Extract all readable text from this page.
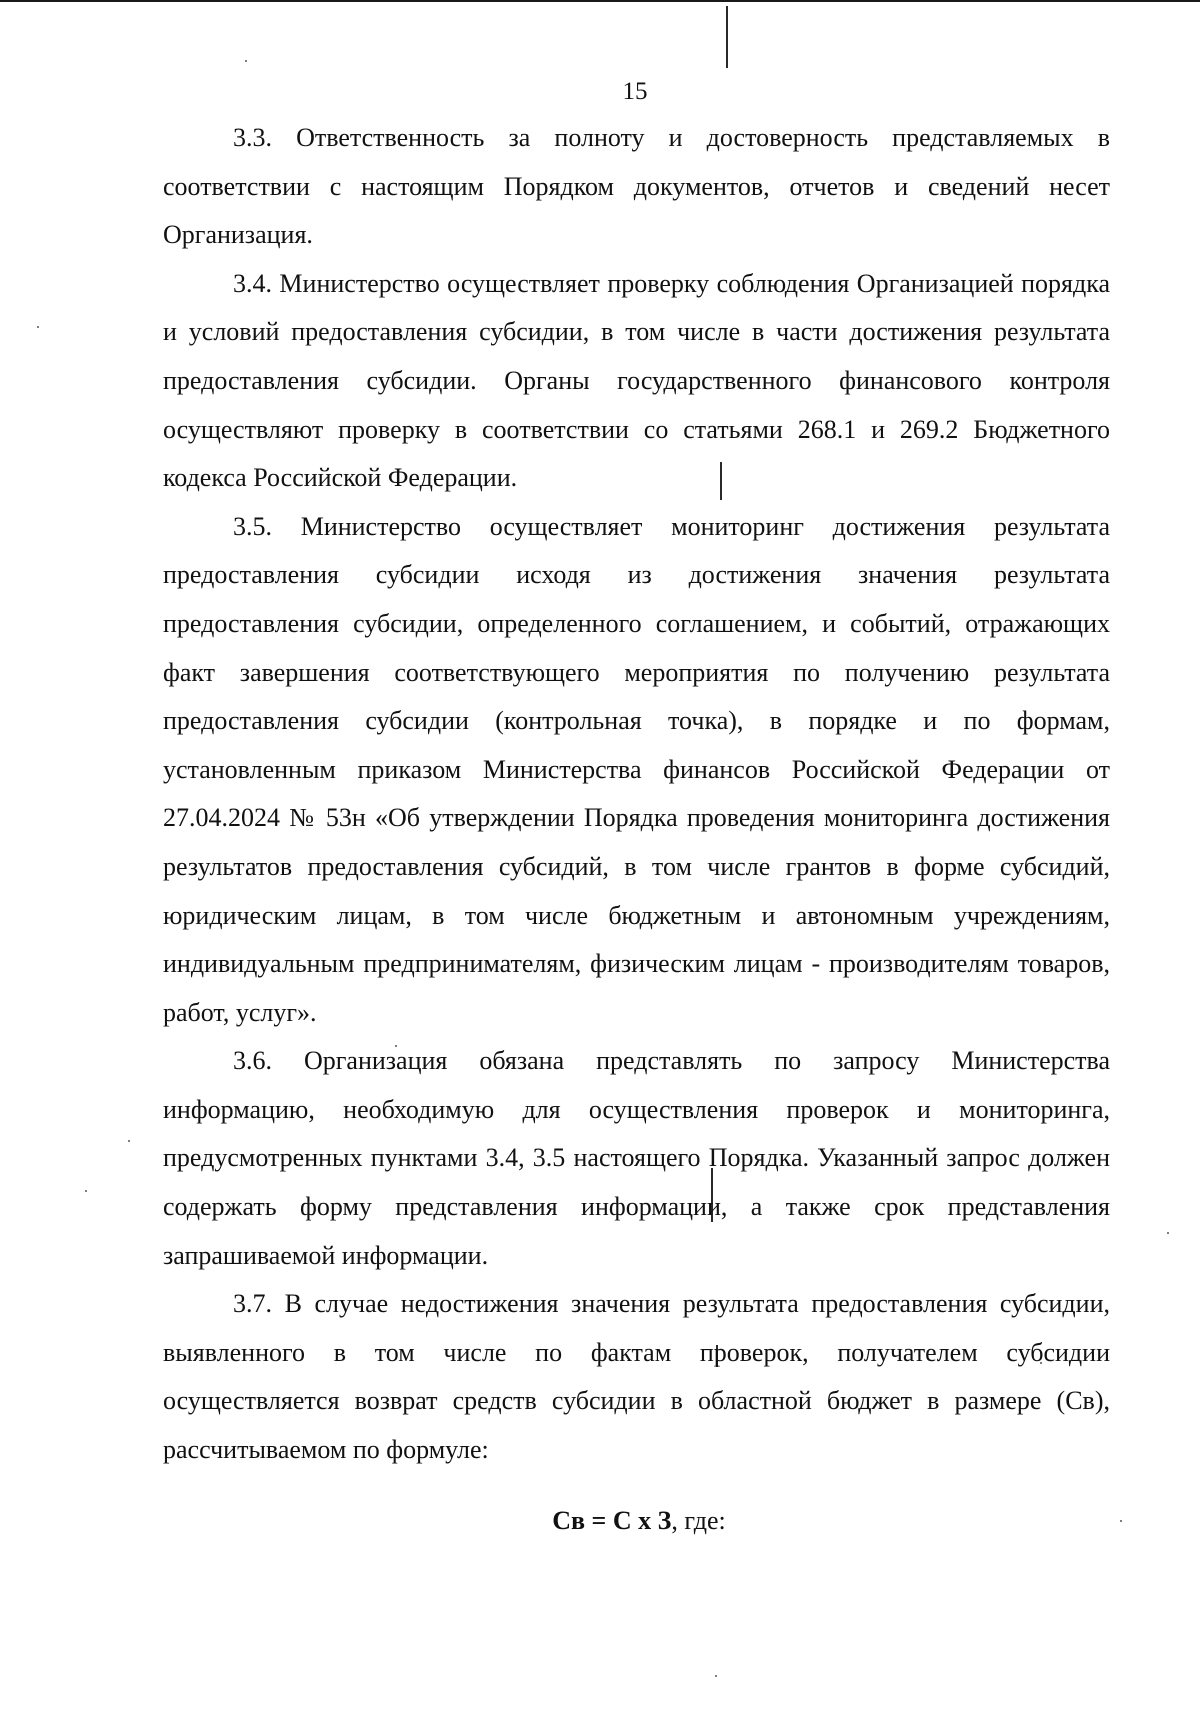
15

3.3. Ответственность за полноту и достоверность представляемых в соответствии с настоящим Порядком документов, отчетов и сведений несет Организация.

3.4. Министерство осуществляет проверку соблюдения Организацией порядка и условий предоставления субсидии, в том числе в части достижения результата предоставления субсидии. Органы государственного финансового контроля осуществляют проверку в соответствии со статьями 268.1 и 269.2 Бюджетного кодекса Российской Федерации.

3.5. Министерство осуществляет мониторинг достижения результата предоставления субсидии исходя из достижения значения результата предоставления субсидии, определенного соглашением, и событий, отражающих факт завершения соответствующего мероприятия по получению результата предоставления субсидии (контрольная точка), в порядке и по формам, установленным приказом Министерства финансов Российской Федерации от 27.04.2024 № 53н «Об утверждении Порядка проведения мониторинга достижения результатов предоставления субсидий, в том числе грантов в форме субсидий, юридическим лицам, в том числе бюджетным и автономным учреждениям, индивидуальным предпринимателям, физическим лицам - производителям товаров, работ, услуг».

3.6. Организация обязана представлять по запросу Министерства информацию, необходимую для осуществления проверок и мониторинга, предусмотренных пунктами 3.4, 3.5 настоящего Порядка. Указанный запрос должен содержать форму представления информации, а также срок представления запрашиваемой информации.

3.7. В случае недостижения значения результата предоставления субсидии, выявленного в том числе по фактам проверок, получателем субсидии осуществляется возврат средств субсидии в областной бюджет в размере (Св), рассчитываемом по формуле:

Св = С х З, где:
